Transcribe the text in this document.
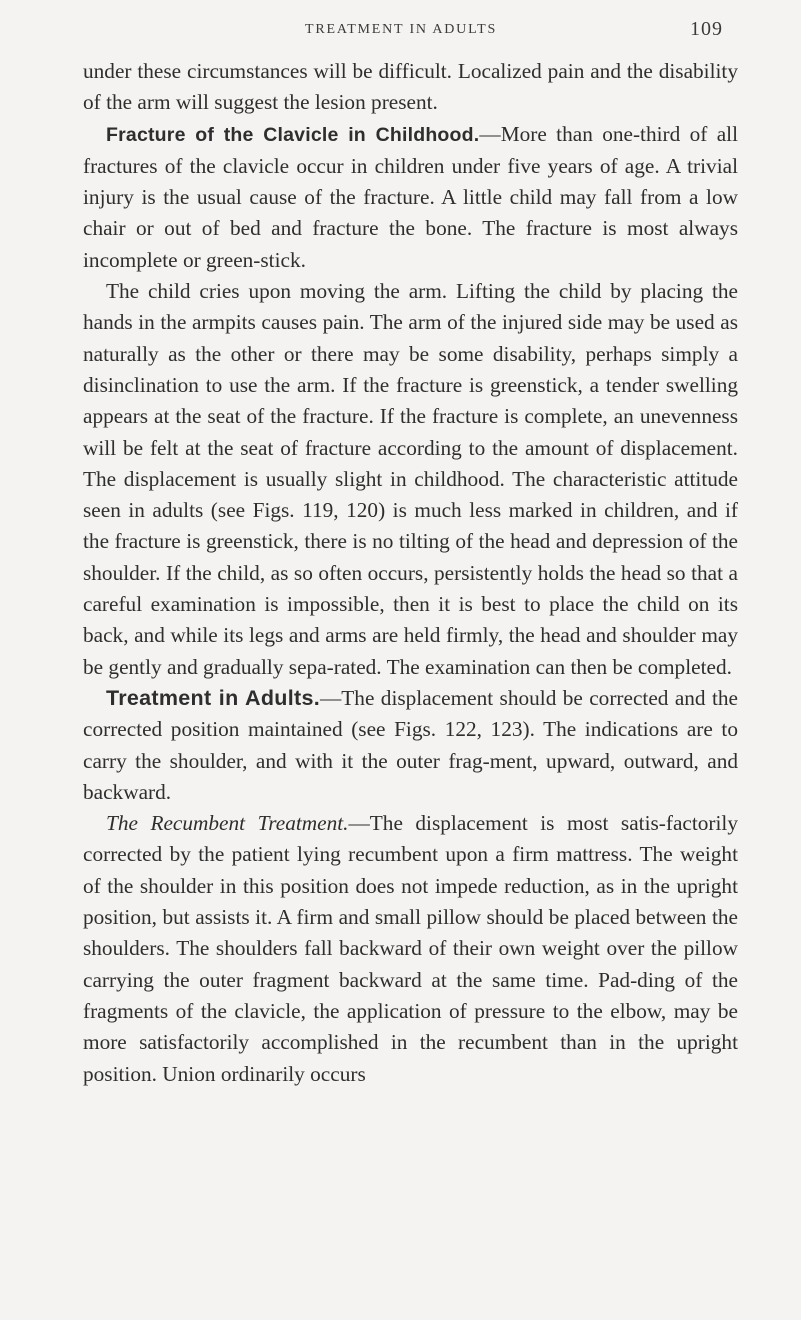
TREATMENT IN ADULTS	109

under these circumstances will be difficult. Localized pain and the disability of the arm will suggest the lesion present.

Fracture of the Clavicle in Childhood.—More than one-third of all fractures of the clavicle occur in children under five years of age. A trivial injury is the usual cause of the fracture. A little child may fall from a low chair or out of bed and fracture the bone. The fracture is most always incomplete or green-stick.

The child cries upon moving the arm. Lifting the child by placing the hands in the armpits causes pain. The arm of the injured side may be used as naturally as the other or there may be some disability, perhaps simply a disinclination to use the arm. If the fracture is greenstick, a tender swelling appears at the seat of the fracture. If the fracture is complete, an unevenness will be felt at the seat of fracture according to the amount of displacement. The displacement is usually slight in childhood. The characteristic attitude seen in adults (see Figs. 119, 120) is much less marked in children, and if the fracture is greenstick, there is no tilting of the head and depression of the shoulder. If the child, as so often occurs, persistently holds the head so that a careful examination is impossible, then it is best to place the child on its back, and while its legs and arms are held firmly, the head and shoulder may be gently and gradually sepa-rated. The examination can then be completed.

Treatment in Adults.—The displacement should be corrected and the corrected position maintained (see Figs. 122, 123). The indications are to carry the shoulder, and with it the outer frag-ment, upward, outward, and backward.

The Recumbent Treatment.—The displacement is most satis-factorily corrected by the patient lying recumbent upon a firm mattress. The weight of the shoulder in this position does not impede reduction, as in the upright position, but assists it. A firm and small pillow should be placed between the shoulders. The shoulders fall backward of their own weight over the pillow carrying the outer fragment backward at the same time. Pad-ding of the fragments of the clavicle, the application of pressure to the elbow, may be more satisfactorily accomplished in the recumbent than in the upright position. Union ordinarily occurs
